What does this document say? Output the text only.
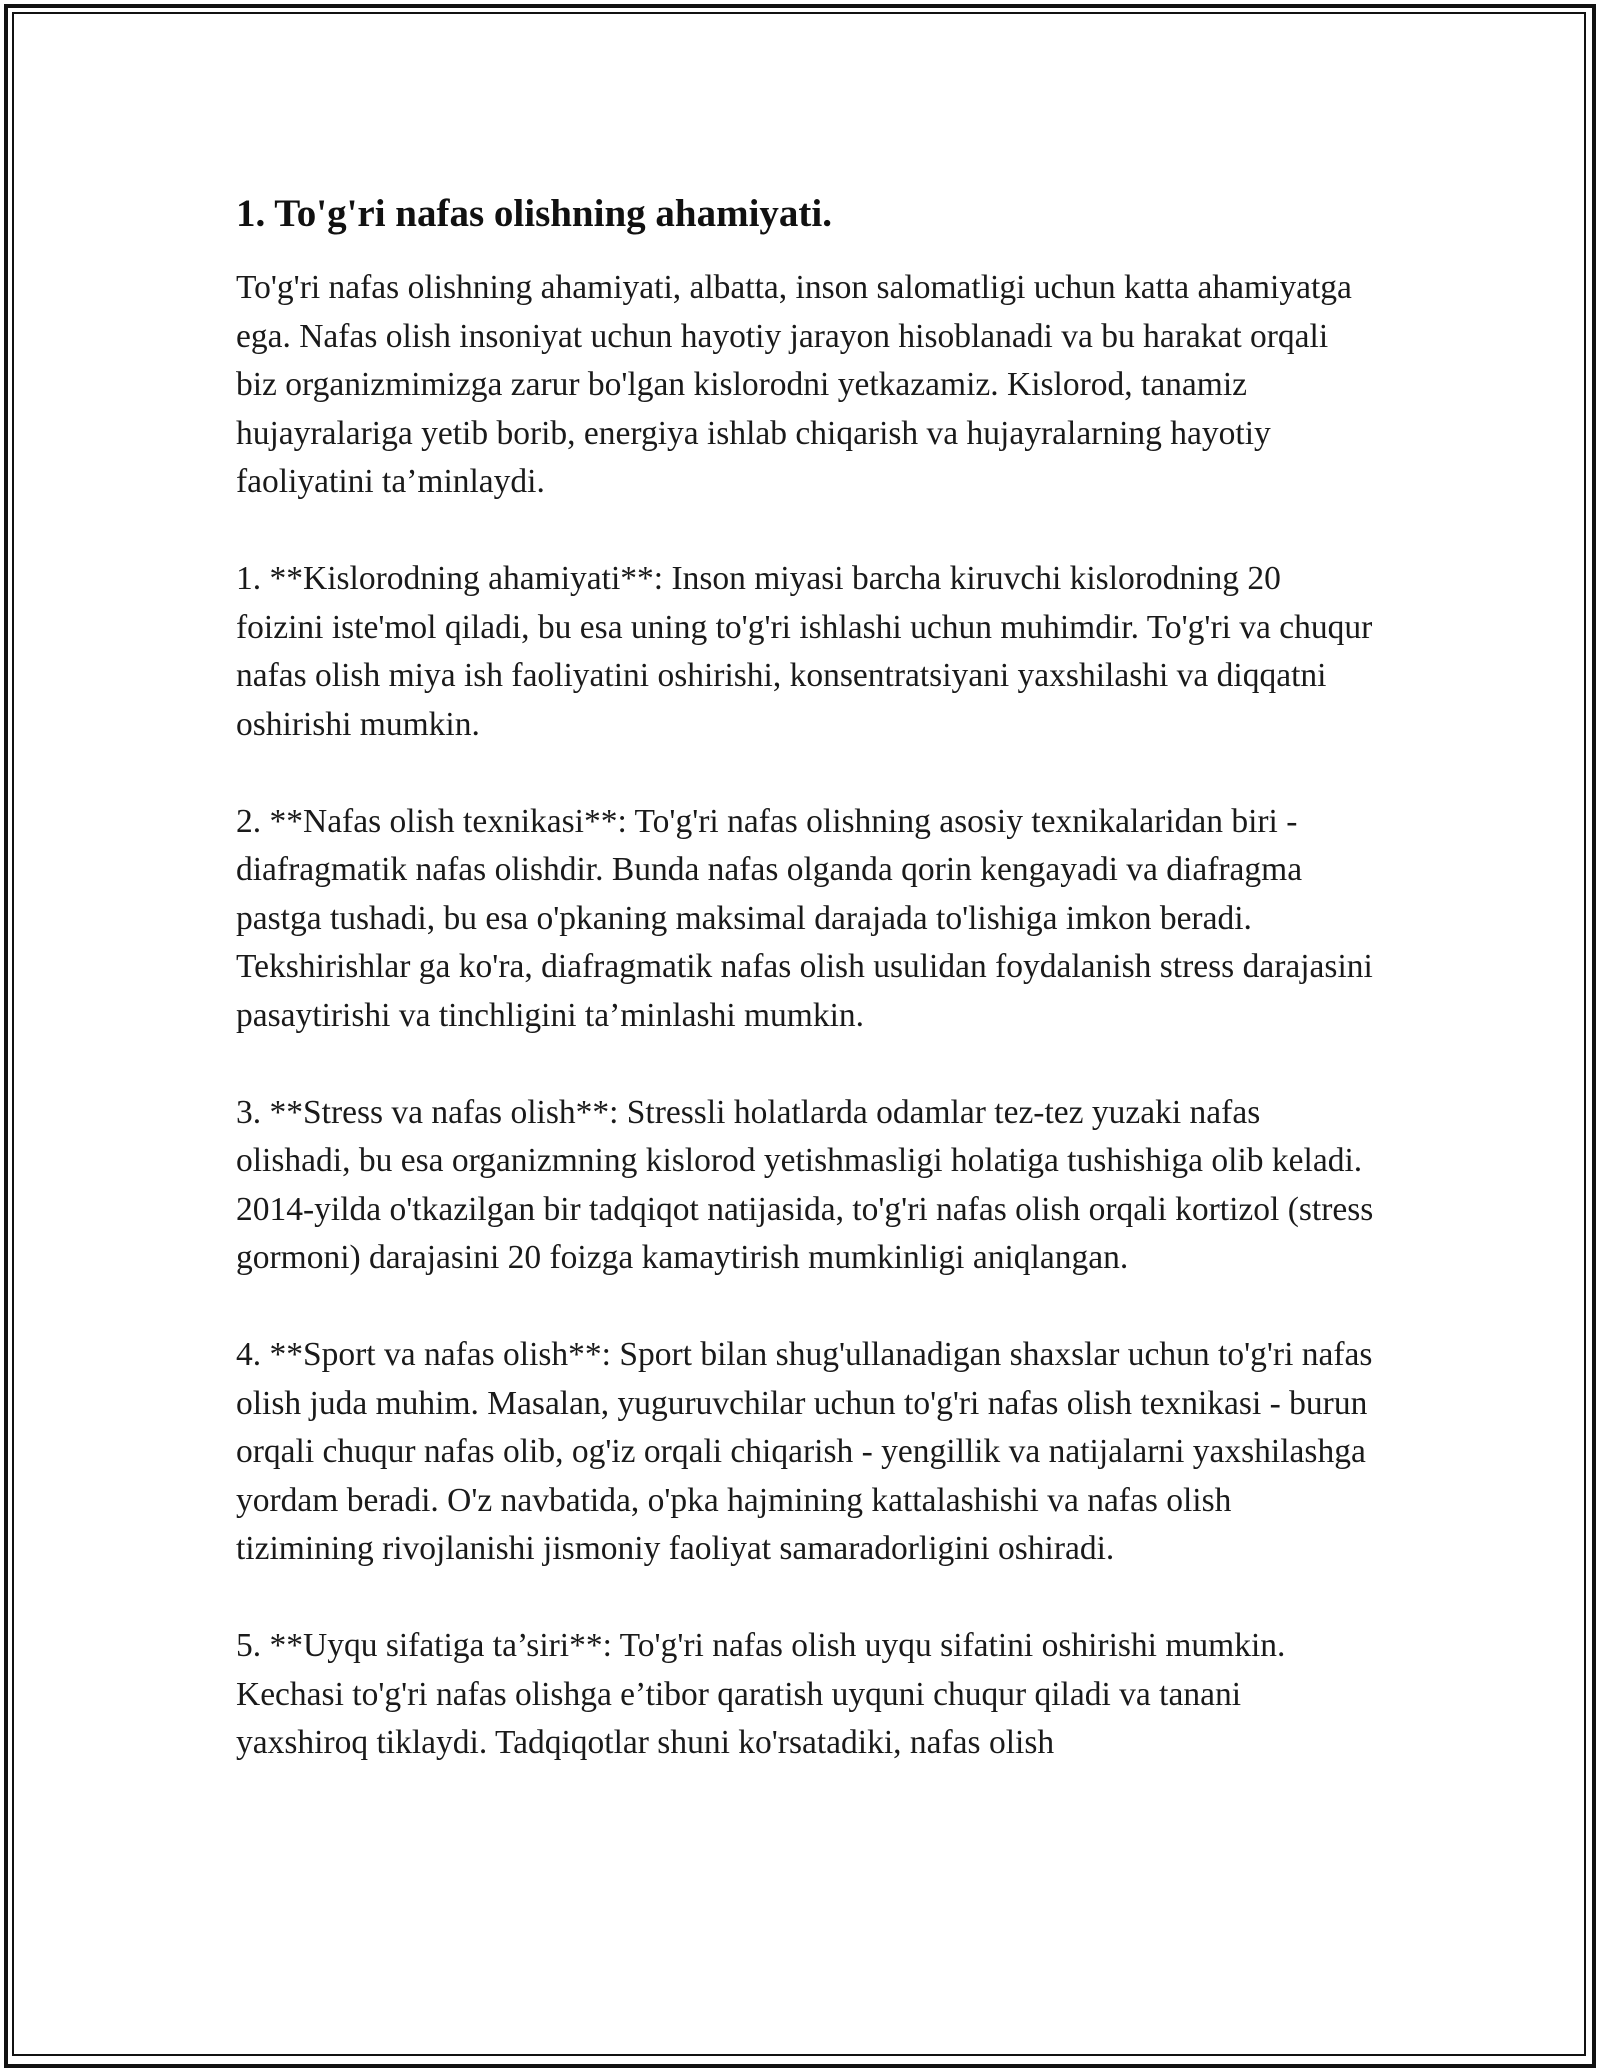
1. To'g'ri nafas olishning ahamiyati.

To'g'ri nafas olishning ahamiyati, albatta, inson salomatligi uchun katta ahamiyatga ega. Nafas olish insoniyat uchun hayotiy jarayon hisoblanadi va bu harakat orqali biz organizmimizga zarur bo'lgan kislorodni yetkazamiz. Kislorod, tanamiz hujayralariga yetib borib, energiya ishlab chiqarish va hujayralarning hayotiy faoliyatini ta’minlaydi.

1. **Kislorodning ahamiyati**: Inson miyasi barcha kiruvchi kislorodning 20 foizini iste'mol qiladi, bu esa uning to'g'ri ishlashi uchun muhimdir. To'g'ri va chuqur nafas olish miya ish faoliyatini oshirishi, konsentratsiyani yaxshilashi va diqqatni oshirishi mumkin.

2. **Nafas olish texnikasi**: To'g'ri nafas olishning asosiy texnikalaridan biri - diafragmatik nafas olishdir. Bunda nafas olganda qorin kengayadi va diafragma pastga tushadi, bu esa o'pkaning maksimal darajada to'lishiga imkon beradi. Tekshirishlar ga ko'ra, diafragmatik nafas olish usulidan foydalanish stress darajasini pasaytirishi va tinchligini ta’minlashi mumkin.

3. **Stress va nafas olish**: Stressli holatlarda odamlar tez-tez yuzaki nafas olishadi, bu esa organizmning kislorod yetishmasligi holatiga tushishiga olib keladi. 2014-yilda o'tkazilgan bir tadqiqot natijasida, to'g'ri nafas olish orqali kortizol (stress gormoni) darajasini 20 foizga kamaytirish mumkinligi aniqlangan.

4. **Sport va nafas olish**: Sport bilan shug'ullanadigan shaxslar uchun to'g'ri nafas olish juda muhim. Masalan, yuguruvchilar uchun to'g'ri nafas olish texnikasi - burun orqali chuqur nafas olib, og'iz orqali chiqarish - yengillik va natijalarni yaxshilashga yordam beradi. O'z navbatida, o'pka hajmining kattalashishi va nafas olish tizimining rivojlanishi jismoniy faoliyat samaradorligini oshiradi.

5. **Uyqu sifatiga ta’siri**: To'g'ri nafas olish uyqu sifatini oshirishi mumkin. Kechasi to'g'ri nafas olishga e’tibor qaratish uyquni chuqur qiladi va tanani yaxshiroq tiklaydi. Tadqiqotlar shuni ko'rsatadiki, nafas olish
